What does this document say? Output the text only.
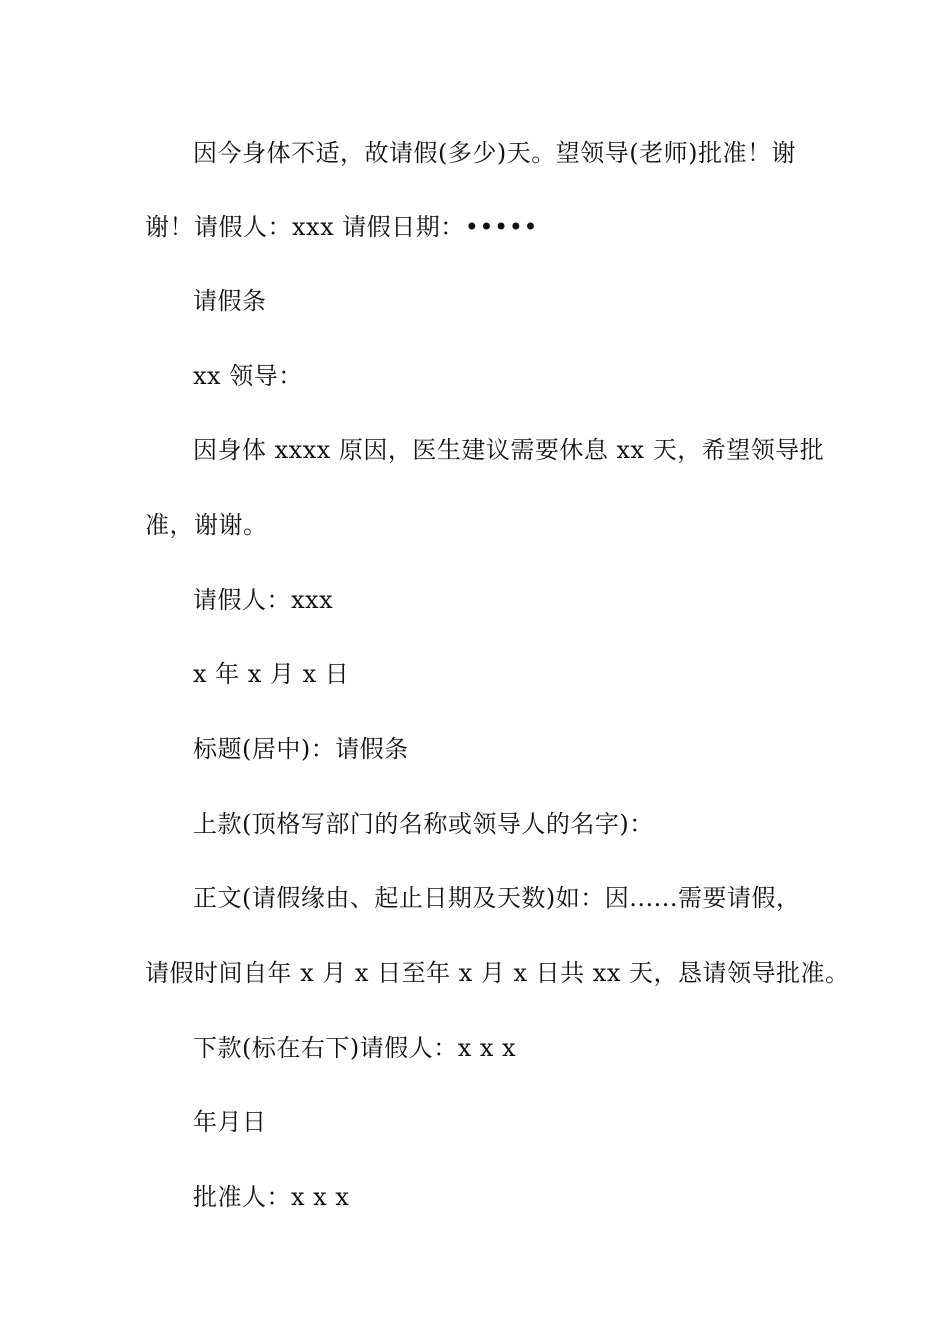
因今身体不适，故请假(多少)天。望领导(老师)批准！谢
谢！请假人：xxx 请假日期：•••••
请假条
xx 领导：
因身体 xxxx 原因，医生建议需要休息 xx 天，希望领导批
准，谢谢。
请假人：xxx
x 年 x 月 x 日
标题(居中)：请假条
上款(顶格写部门的名称或领导人的名字)：
正文(请假缘由、起止日期及天数)如：因......需要请假，
请假时间自年 x 月 x 日至年 x 月 x 日共 xx 天，恳请领导批准。
下款(标在右下)请假人：x x x
年月日
批准人：x x x
